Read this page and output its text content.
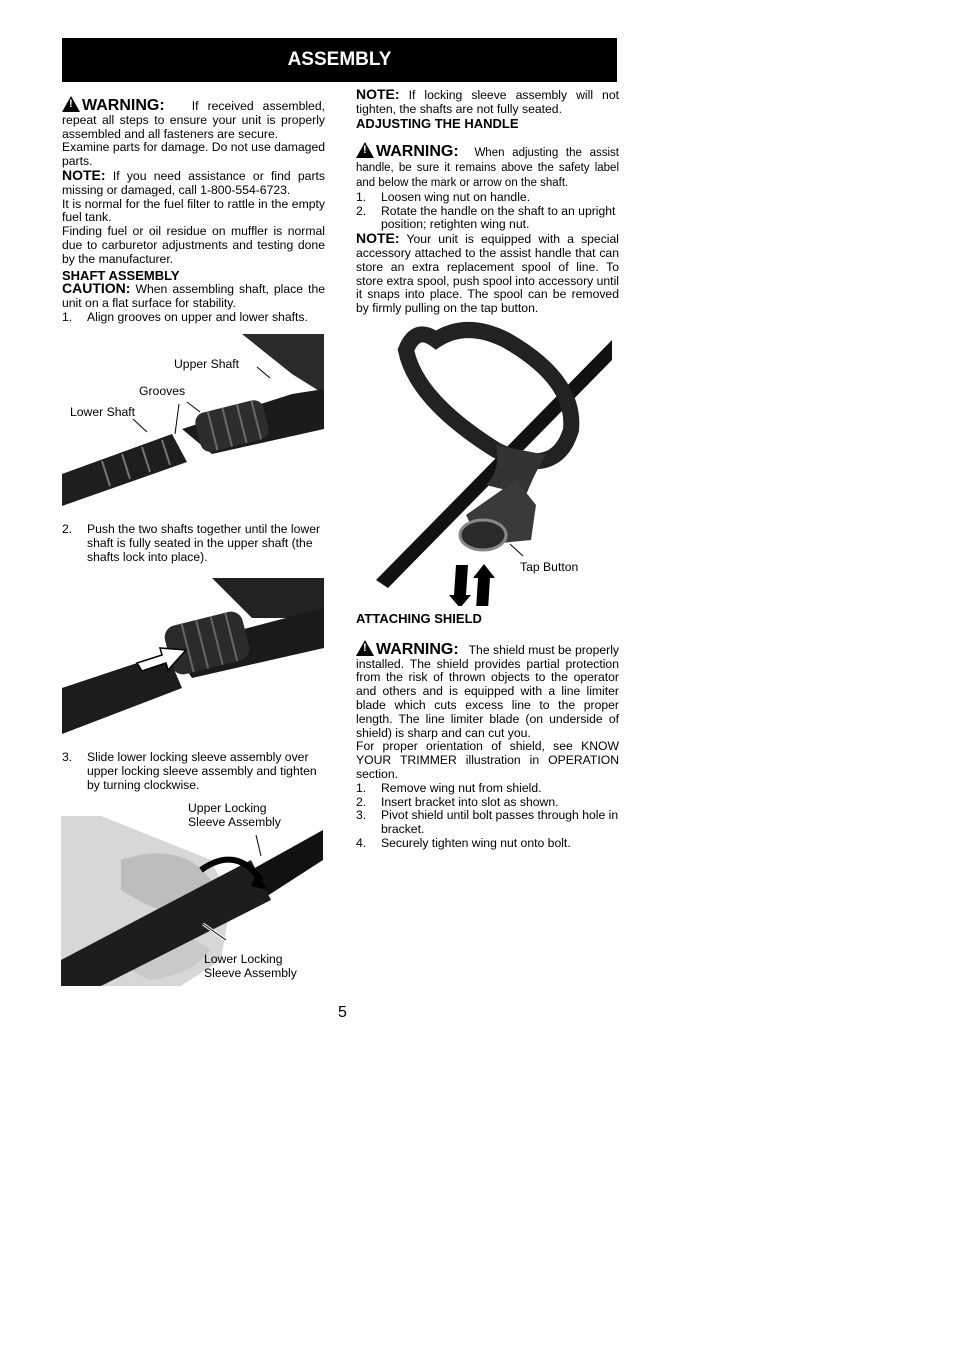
ASSEMBLY

!WARNING: If received assembled, repeat all steps to ensure your unit is properly assembled and all fasteners are secure.

Examine parts for damage. Do not use damaged parts.

NOTE: If you need assistance or find parts missing or damaged, call 1-800-554-6723.

It is normal for the fuel filter to rattle in the empty fuel tank.

Finding fuel or oil residue on muffler is normal due to carburetor adjustments and testing done by the manufacturer.

SHAFT ASSEMBLY

CAUTION: When assembling shaft, place the unit on a flat surface for stability.

1. Align grooves on upper and lower shafts.
Upper Shaft
Grooves
Lower Shaft
2. Push the two shafts together until the lower shaft is fully seated in the upper shaft (the shafts lock into place).
3. Slide lower locking sleeve assembly over upper locking sleeve assembly and tighten by turning clockwise.
Upper Locking
Sleeve Assembly
Lower Locking
Sleeve Assembly

NOTE: If locking sleeve assembly will not tighten, the shafts are not fully seated.

ADJUSTING THE HANDLE

!WARNING: When adjusting the assist handle, be sure it remains above the safety label and below the mark or arrow on the shaft.

1. Loosen wing nut on handle.
2. Rotate the handle on the shaft to an upright position; retighten wing nut.

NOTE: Your unit is equipped with a special accessory attached to the assist handle that can store an extra replacement spool of line. To store extra spool, push spool into accessory until it snaps into place. The spool can be removed by firmly pulling on the tap button.

Tap Button

ATTACHING SHIELD

!WARNING: The shield must be properly installed. The shield provides partial protection from the risk of thrown objects to the operator and others and is equipped with a line limiter blade which cuts excess line to the proper length. The line limiter blade (on underside of shield) is sharp and can cut you.

For proper orientation of shield, see KNOW YOUR TRIMMER illustration in OPERATION section.

1. Remove wing nut from shield.
2. Insert bracket into slot as shown.
3. Pivot shield until bolt passes through hole in bracket.
4. Securely tighten wing nut onto bolt.
5
